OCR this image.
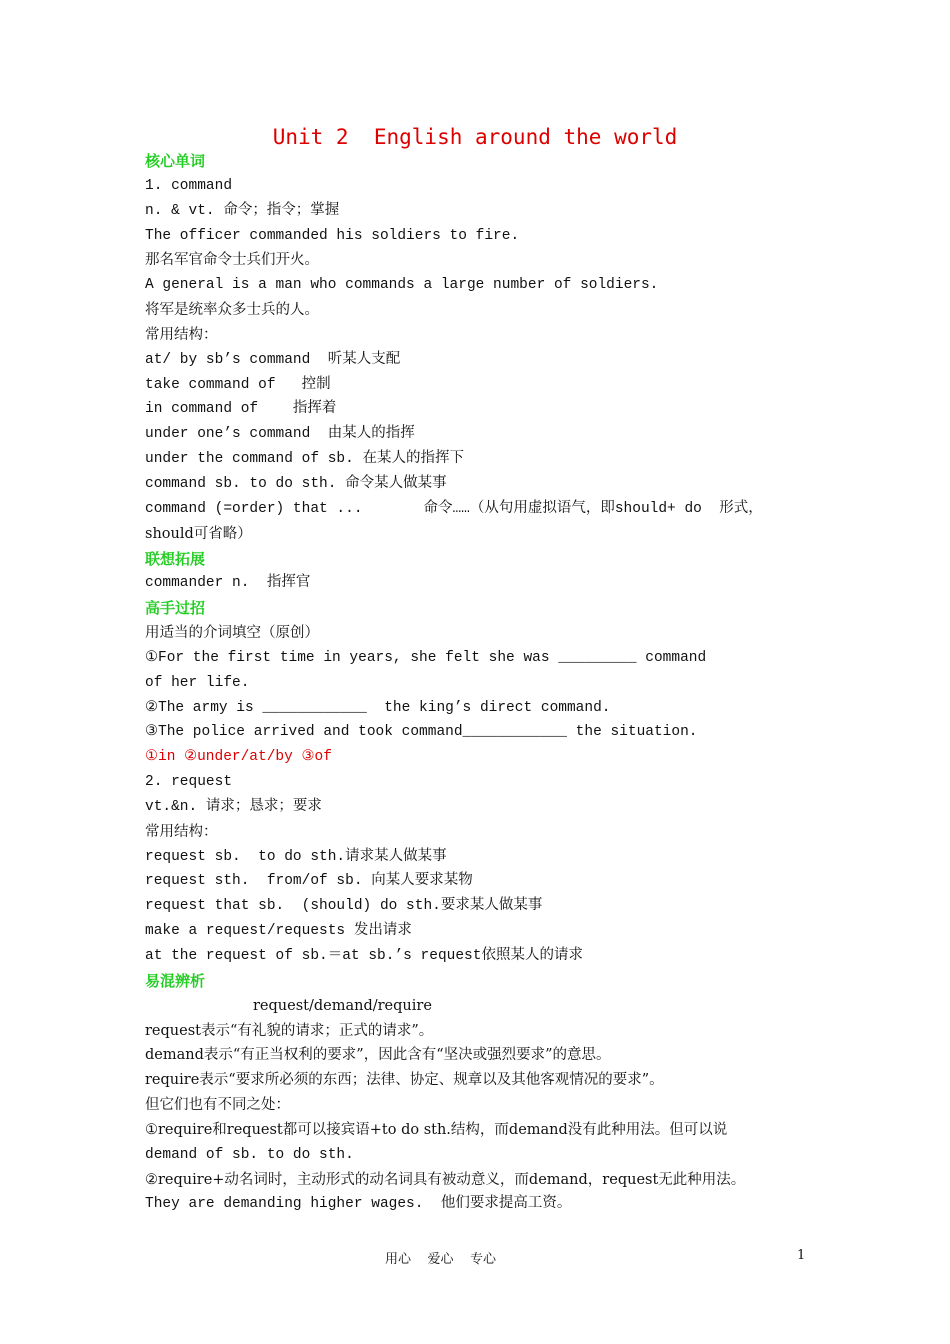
Unit 2  English around the world
核心单词
1. command
n. & vt. 命令；指令；掌握
The officer commanded his soldiers to fire.
那名军官命令士兵们开火。
A general is a man who commands a large number of soldiers.
将军是统率众多士兵的人。
常用结构：
at/ by sb’s command  听某人支配
take command of   控制
in command of    指挥着
under one’s command  由某人的指挥
under the command of sb. 在某人的指挥下
command sb. to do sth. 命令某人做某事
command (=order) that ...       命令……（从句用虚拟语气，即should+ do  形式，
should可省略）
联想拓展
commander n.  指挥官
高手过招
用适当的介词填空（原创）
①For the first time in years, she felt she was _________ command
of her life.
②The army is ____________  the king’s direct command.
③The police arrived and took command____________ the situation.
①in ②under/at/by ③of
2. request
vt.&n. 请求；恳求；要求
常用结构：
request sb.  to do sth.请求某人做某事
request sth.  from/of sb. 向某人要求某物
request that sb.  (should) do sth.要求某人做某事
make a request/requests 发出请求
at the request of sb.＝at sb.’s request依照某人的请求
易混辨析
request/demand/require
request表示“有礼貌的请求；正式的请求”。
demand表示“有正当权利的要求”，因此含有“坚决或强烈要求”的意思。
require表示“要求所必须的东西；法律、协定、规章以及其他客观情况的要求”。
但它们也有不同之处：
①require和request都可以接宾语+to do sth.结构，而demand没有此种用法。但可以说
demand of sb. to do sth.
②require+动名词时，主动形式的动名词具有被动意义，而demand，request无此种用法。
They are demanding higher wages.  他们要求提高工资。
用心    爱心    专心	1
